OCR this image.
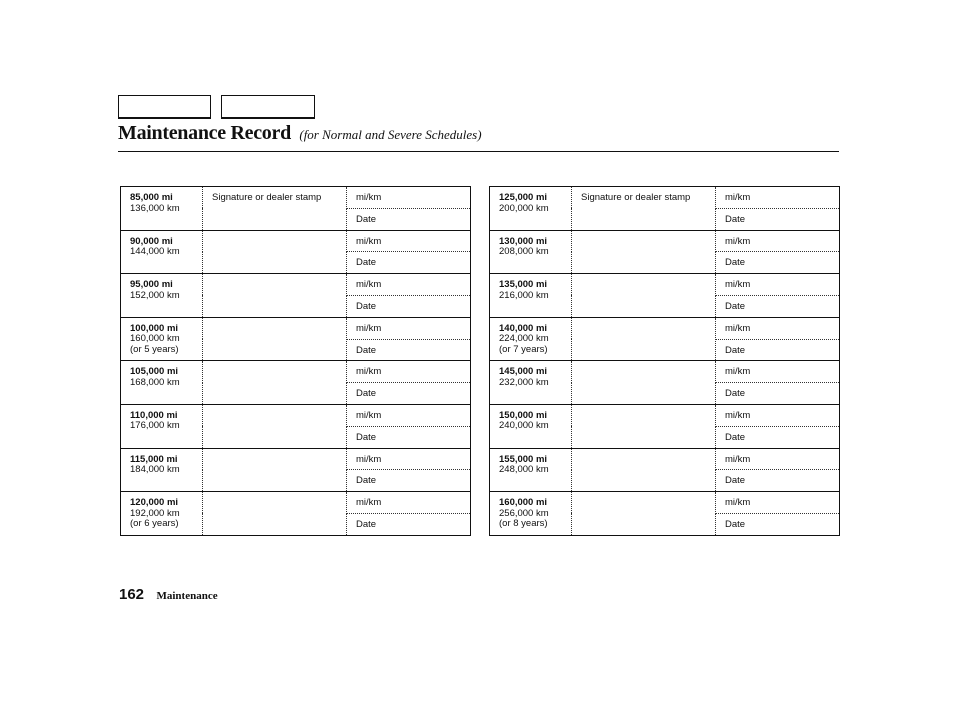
Maintenance Record (for Normal and Severe Schedules)
85,000 mi
136,000 km	Signature or dealer stamp	mi/km
		Date

90,000 mi
144,000 km		mi/km
		Date

95,000 mi
152,000 km		mi/km
		Date

100,000 mi
160,000 km
(or 5 years)		mi/km
		Date

105,000 mi
168,000 km		mi/km
		Date

110,000 mi
176,000 km		mi/km
		Date

115,000 mi
184,000 km		mi/km
		Date

120,000 mi
192,000 km
(or 6 years)		mi/km
		Date
125,000 mi
200,000 km	Signature or dealer stamp	mi/km
		Date

130,000 mi
208,000 km		mi/km
		Date

135,000 mi
216,000 km		mi/km
		Date

140,000 mi
224,000 km
(or 7 years)		mi/km
		Date

145,000 mi
232,000 km		mi/km
		Date

150,000 mi
240,000 km		mi/km
		Date

155,000 mi
248,000 km		mi/km
		Date

160,000 mi
256,000 km
(or 8 years)		mi/km
		Date
162 Maintenance
